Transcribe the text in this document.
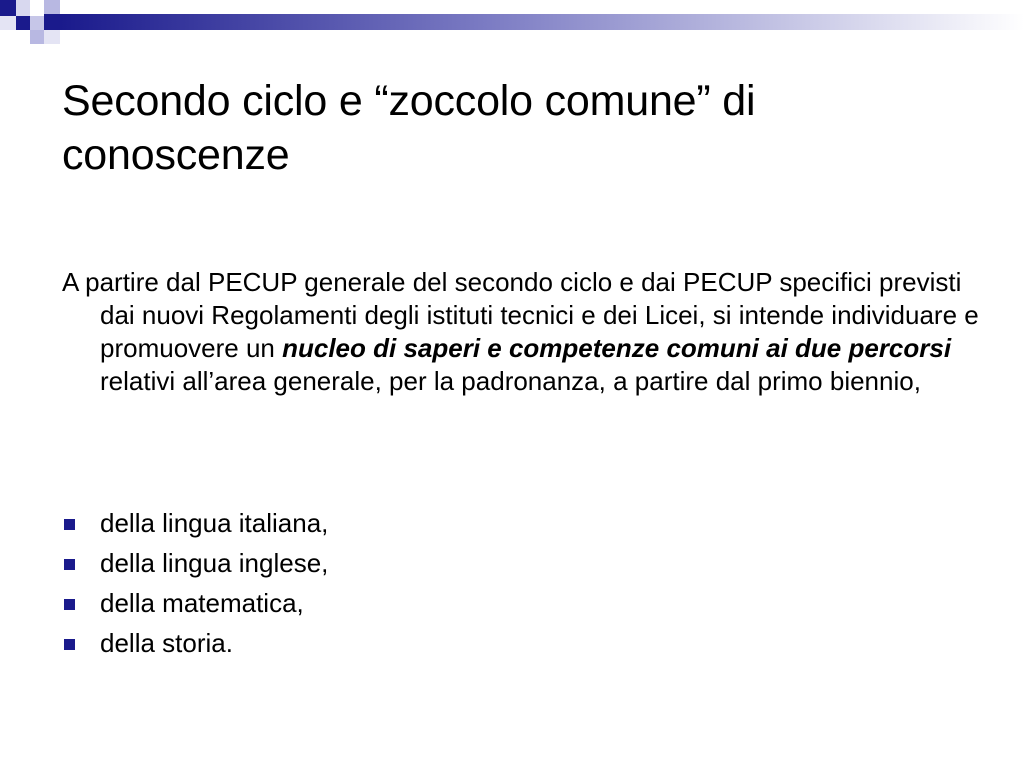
Secondo ciclo e “zoccolo comune” di conoscenze

A partire dal PECUP generale del secondo ciclo e dai PECUP specifici previsti dai nuovi Regolamenti degli istituti tecnici e dei Licei, si intende individuare e promuovere un nucleo di saperi e competenze comuni ai due percorsi relativi all’area generale, per la padronanza, a partire dal primo biennio,

della lingua italiana,
della lingua inglese,
della matematica,
della storia.
